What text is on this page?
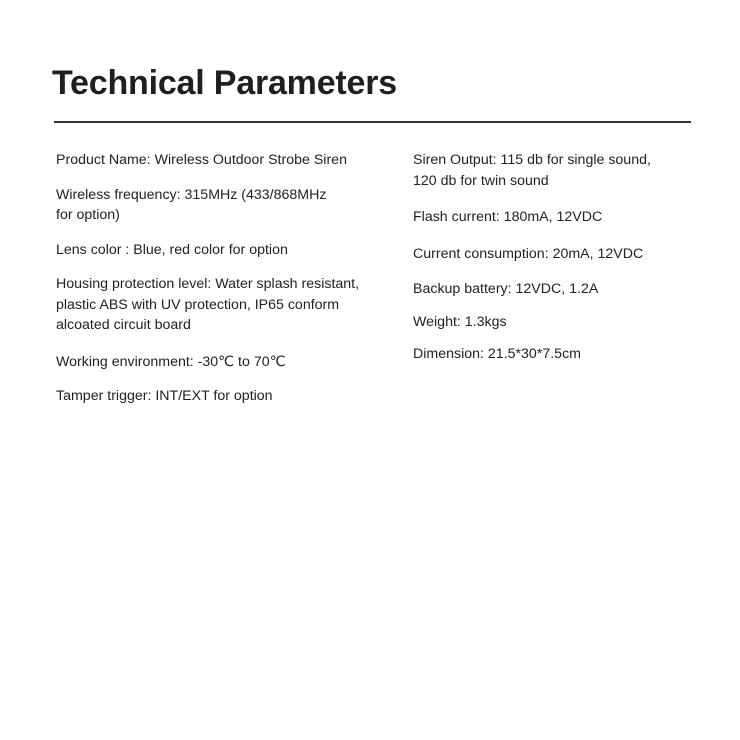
Technical Parameters

Product Name: Wireless Outdoor Strobe Siren

Wireless frequency: 315MHz (433/868MHz
for option)

Lens color : Blue, red color for option

Housing protection level: Water splash resistant,
plastic ABS with UV protection, IP65 conform
alcoated circuit board

Working environment: -30℃ to 70℃

Tamper trigger: INT/EXT for option

Siren Output: 115 db for single sound,
120 db for twin sound

Flash current: 180mA, 12VDC

Current consumption: 20mA, 12VDC

Backup battery: 12VDC, 1.2A

Weight: 1.3kgs

Dimension: 21.5*30*7.5cm
